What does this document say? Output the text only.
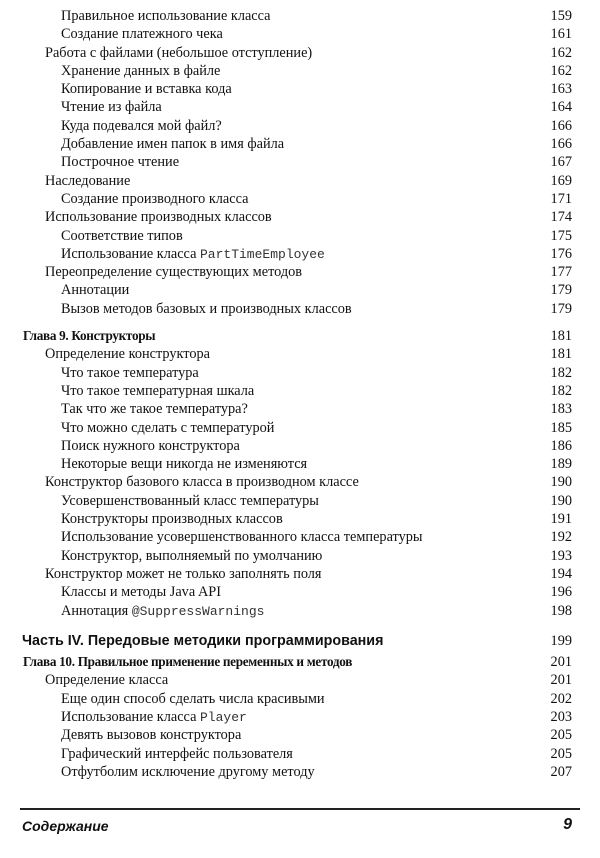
Правильное использование класса	159
Создание платежного чека	161
Работа с файлами (небольшое отступление)	162
Хранение данных в файле	162
Копирование и вставка кода	163
Чтение из файла	164
Куда подевался мой файл?	166
Добавление имен папок в имя файла	166
Построчное чтение	167
Наследование	169
Создание производного класса	171
Использование производных классов	174
Соответствие типов	175
Использование класса PartTimeEmployee	176
Переопределение существующих методов	177
Аннотации	179
Вызов методов базовых и производных классов	179
Глава 9. Конструкторы	181
Определение конструктора	181
Что такое температура	182
Что такое температурная шкала	182
Так что же такое температура?	183
Что можно сделать с температурой	185
Поиск нужного конструктора	186
Некоторые вещи никогда не изменяются	189
Конструктор базового класса в производном классе	190
Усовершенствованный класс температуры	190
Конструкторы производных классов	191
Использование усовершенствованного класса температуры	192
Конструктор, выполняемый по умолчанию	193
Конструктор может не только заполнять поля	194
Классы и методы Java API	196
Аннотация @SuppressWarnings	198
Часть IV. Передовые методики программирования	199
Глава 10. Правильное применение переменных и методов	201
Определение класса	201
Еще один способ сделать числа красивыми	202
Использование класса Player	203
Девять вызовов конструктора	205
Графический интерфейс пользователя	205
Отфутболим исключение другому методу	207
Содержание	9
